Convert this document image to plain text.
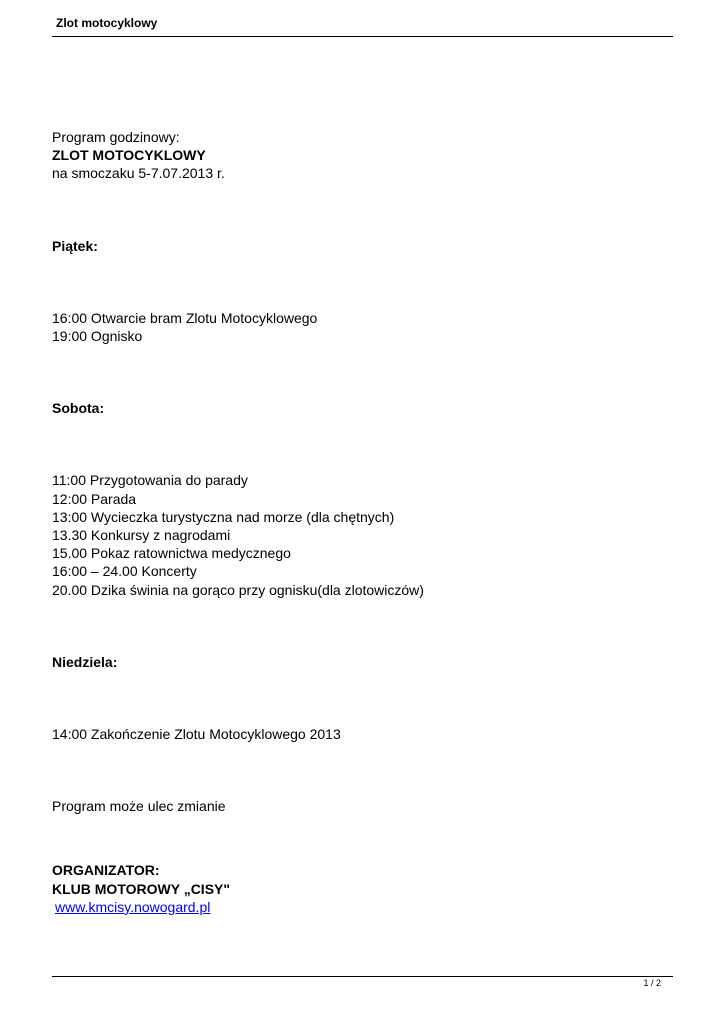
Zlot motocyklowy
Program godzinowy:
ZLOT MOTOCYKLOWY
na smoczaku 5-7.07.2013 r.
Piątek:
16:00 Otwarcie bram Zlotu Motocyklowego
19:00 Ognisko
Sobota:
11:00 Przygotowania do parady
12:00 Parada
13:00 Wycieczka turystyczna nad morze (dla chętnych)
13.30 Konkursy z nagrodami
15.00 Pokaz ratownictwa medycznego
16:00 – 24.00 Koncerty
20.00 Dzika świnia na gorąco przy ognisku(dla zlotowiczów)
Niedziela:
14:00 Zakończenie Zlotu Motocyklowego 2013
Program może ulec zmianie
ORGANIZATOR:
KLUB MOTOROWY „CISY"
www.kmcisy.nowogard.pl
1 / 2
